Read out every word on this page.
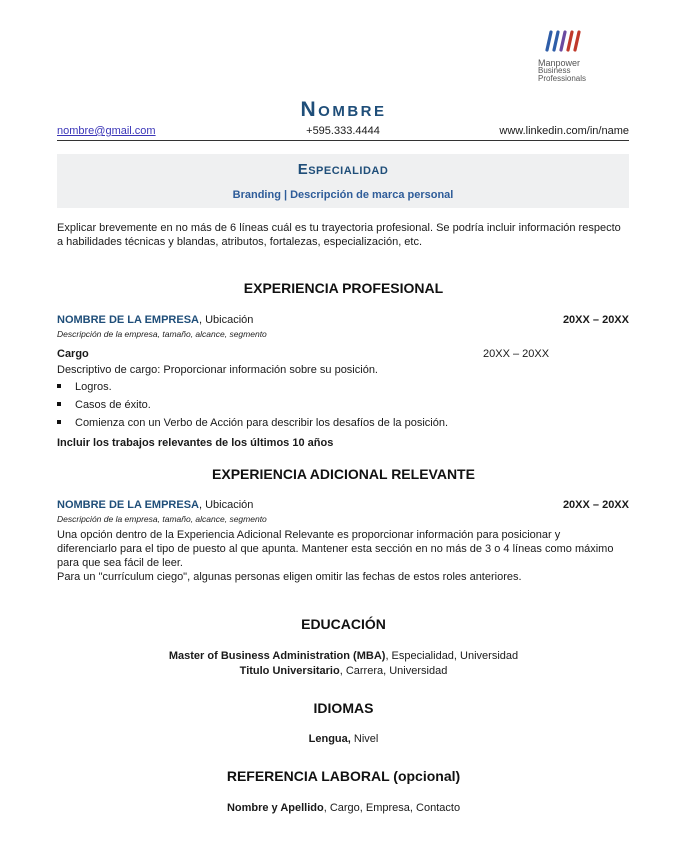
Manpower
Business
Professionals
Nombre
nombre@gmail.com	+595.333.4444	www.linkedin.com/in/name
Especialidad
Branding | Descripción de marca personal
Explicar brevemente en no más de 6 líneas cuál es tu trayectoria profesional. Se podría incluir información respecto
a habilidades técnicas y blandas, atributos, fortalezas, especialización, etc.
EXPERIENCIA PROFESIONAL
NOMBRE DE LA EMPRESA, Ubicación	20XX – 20XX
Descripción de la empresa, tamaño, alcance, segmento
Cargo	20XX – 20XX
Descriptivo de cargo: Proporcionar información sobre su posición.
Logros.
Casos de éxito.
Comienza con un Verbo de Acción para describir los desafíos de la posición.
Incluir los trabajos relevantes de los últimos 10 años
EXPERIENCIA ADICIONAL RELEVANTE
NOMBRE DE LA EMPRESA, Ubicación	20XX – 20XX
Descripción de la empresa, tamaño, alcance, segmento
Una opción dentro de la Experiencia Adicional Relevante es proporcionar información para posicionar y
diferenciarlo para el tipo de puesto al que apunta. Mantener esta sección en no más de 3 o 4 líneas como máximo
para que sea fácil de leer.
Para un "currículum ciego", algunas personas eligen omitir las fechas de estos roles anteriores.
EDUCACIÓN
Master of Business Administration (MBA), Especialidad, Universidad
Titulo Universitario, Carrera, Universidad
IDIOMAS
Lengua, Nivel
REFERENCIA LABORAL (opcional)
Nombre y Apellido, Cargo, Empresa, Contacto
